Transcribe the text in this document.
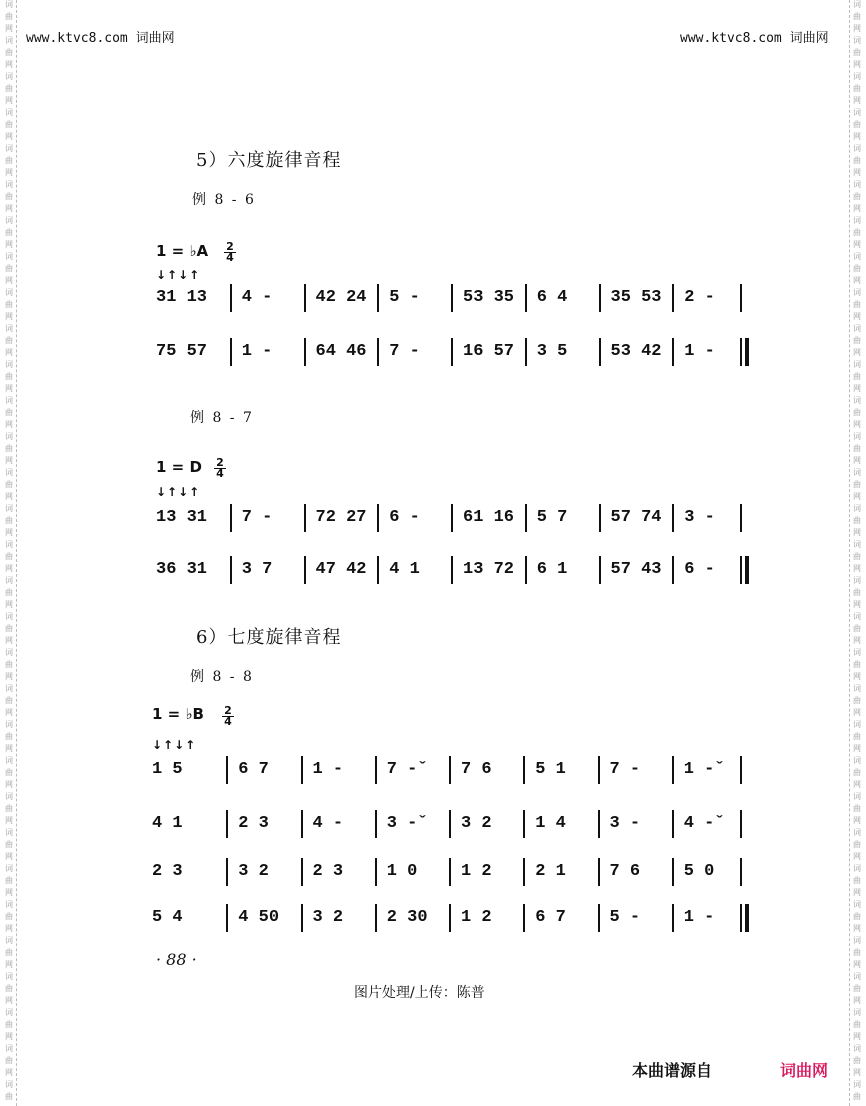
词
曲
网
词
曲
网
词
曲
网
词
曲
网
词
曲
网
词
曲
网
词
曲
网
词
曲
网
词
曲
网
词
曲
网
词
曲
网
词
曲
网
词
曲
网
词
曲
网
词
曲
网
词
曲
网
词
曲
网
词
曲
网
词
曲
网
词
曲
网
词
曲
网
词
曲
网
词
曲
网
词
曲
网
词
曲
网
词
曲
网
词
曲
网
词
曲
网
词
曲
网
词
曲
网
词
曲
词
曲
网
词
曲
网
词
曲
网
词
曲
网
词
曲
网
词
曲
网
词
曲
网
词
曲
网
词
曲
网
词
曲
网
词
曲
网
词
曲
网
词
曲
网
词
曲
网
词
曲
网
词
曲
网
词
曲
网
词
曲
网
词
曲
网
词
曲
网
词
曲
网
词
曲
网
词
曲
网
词
曲
网
词
曲
网
词
曲
网
词
曲
网
词
曲
网
词
曲
网
词
曲
网
词
曲
www.ktvc8.com 词曲网	www.ktvc8.com 词曲网
5）六度旋律音程
例 8 - 6
1 = ♭A 2
4
↓↑↓↑
31 13 4 -	42 24 5 -	53 35 6 4	35 53 2 -
75 57 1 -	64 46 7 -	16 57 3 5	53 42 1 -
例 8 - 7
1 = D 2
4
↓↑↓↑
13 31 7 -	72 27 6 -	61 16 5 7	57 74 3 -
36 31 3 7	47 42 4 1	13 72 6 1	57 43 6 -
6）七度旋律音程
例 8 - 8
1 = ♭B 2
4
↓↑↓↑
1 5	6 7	1 -	7 -ˇ 7 6	5 1	7 -	1 -ˇ
4 1	2 3	4 -	3 -ˇ 3 2	1 4	3 -	4 -ˇ
2 3	3 2	2 3	1 0	1 2	2 1	7 6	5 0
5 4	4 50 3 2	2 30 1 2	6 7	5 -	1 -
· 88 ·
图片处理/上传：陈普
本曲谱源自	词曲网
